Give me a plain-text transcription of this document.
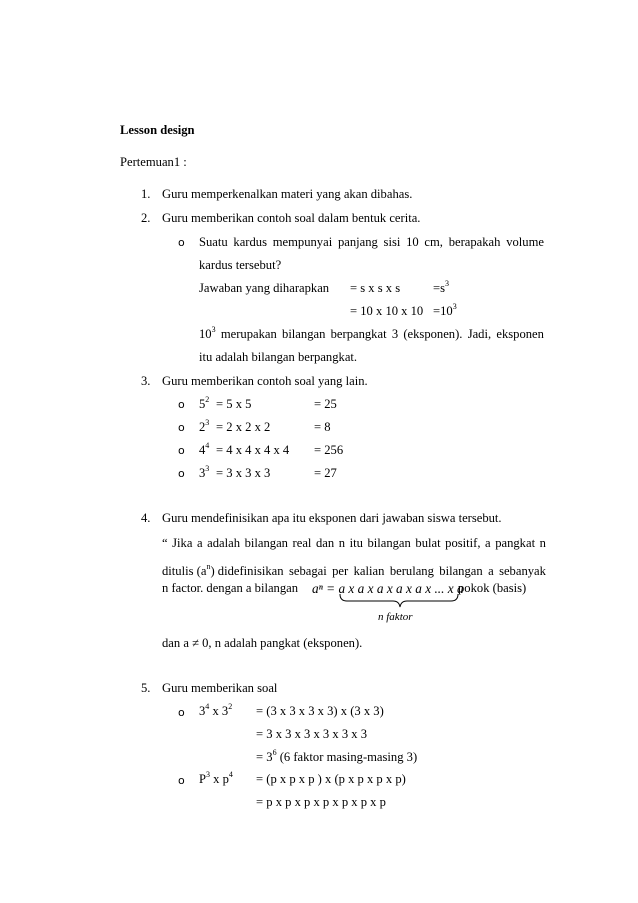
Lesson design
Pertemuan1 :
1. Guru memperkenalkan materi yang akan dibahas.
2. Guru memberikan contoh soal dalam bentuk cerita.
o Suatu kardus mempunyai panjang sisi 10 cm, berapakah volume
kardus tersebut?
Jawaban yang diharapkan = s x s x s	$=s^3$
= 10 x 10 x $10 =10^3$
$10^3$ merupakan bilangan berpangkat 3 (eksponen). Jadi, eksponen
itu adalah bilangan berpangkat.
3. Guru memberikan contoh soal yang lain.
o $5^2 = 5$ x 5	= 25
o $2^3 = 2$ x 2 x 2	= 8
o $4^4 = 4$ x 4 x 4 x 4 = 256
o $3^3 = 3$ x 3 x 3	= 27
4. Guru mendefinisikan apa itu eksponen dari jawaban siswa tersebut.
“ Jika a adalah bilangan real dan n itu bilangan bulat positif, a pangkat n
ditulis $(a^n)$ didefinisikan sebagai per kalian berulang bilangan a sebanyak
n factor. dengan a bilangan aⁿ = a x a x a x a x a x ... x a
pokok (basis)
n faktor
dan a ≠ 0, n adalah pangkat (eksponen).
5. Guru memberikan soal
o $3^4$ x $3^2 = (3$ x 3 x 3 x 3) x (3 x 3)
= 3 x 3 x 3 x 3 x 3 x 3
= $3^6$ (6 faktor masing-masing 3)
o $P^3$ x $p^4 = (p$ x p x p ) x (p x p x p x p)
= p x p x p x p x p x p x p
